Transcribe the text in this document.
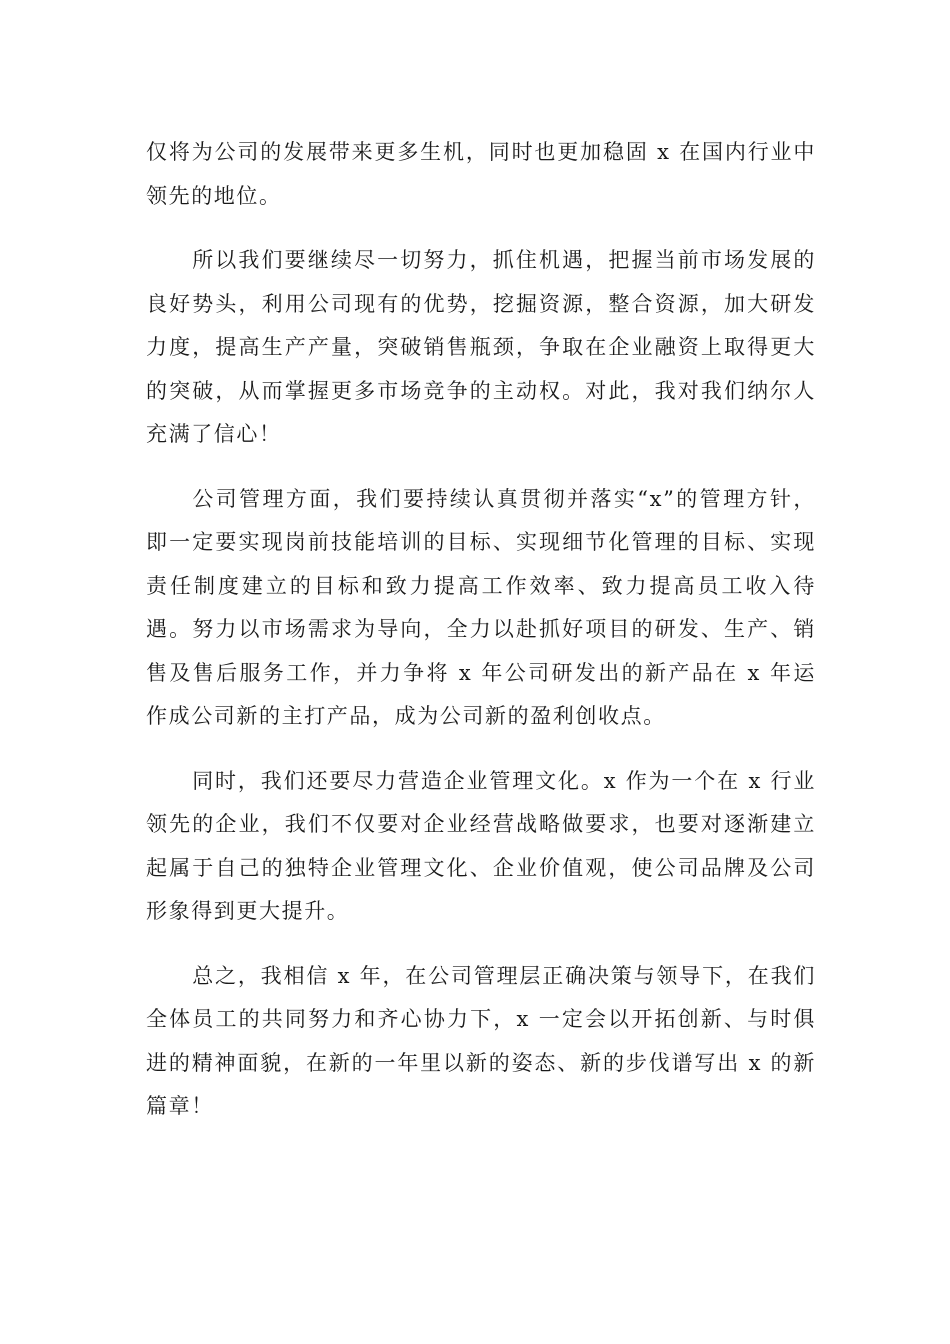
仅将为公司的发展带来更多生机，同时也更加稳固 x 在国内行业中领先的地位。

所以我们要继续尽一切努力，抓住机遇，把握当前市场发展的良好势头，利用公司现有的优势，挖掘资源，整合资源，加大研发力度，提高生产产量，突破销售瓶颈，争取在企业融资上取得更大的突破，从而掌握更多市场竞争的主动权。对此，我对我们纳尔人充满了信心！

公司管理方面，我们要持续认真贯彻并落实“x”的管理方针，即一定要实现岗前技能培训的目标、实现细节化管理的目标、实现责任制度建立的目标和致力提高工作效率、致力提高员工收入待遇。努力以市场需求为导向，全力以赴抓好项目的研发、生产、销售及售后服务工作，并力争将 x 年公司研发出的新产品在 x 年运作成公司新的主打产品，成为公司新的盈利创收点。

同时，我们还要尽力营造企业管理文化。x 作为一个在 x 行业领先的企业，我们不仅要对企业经营战略做要求，也要对逐渐建立起属于自己的独特企业管理文化、企业价值观，使公司品牌及公司形象得到更大提升。

总之，我相信 x 年，在公司管理层正确决策与领导下，在我们全体员工的共同努力和齐心协力下，x 一定会以开拓创新、与时俱进的精神面貌，在新的一年里以新的姿态、新的步伐谱写出 x 的新篇章！
